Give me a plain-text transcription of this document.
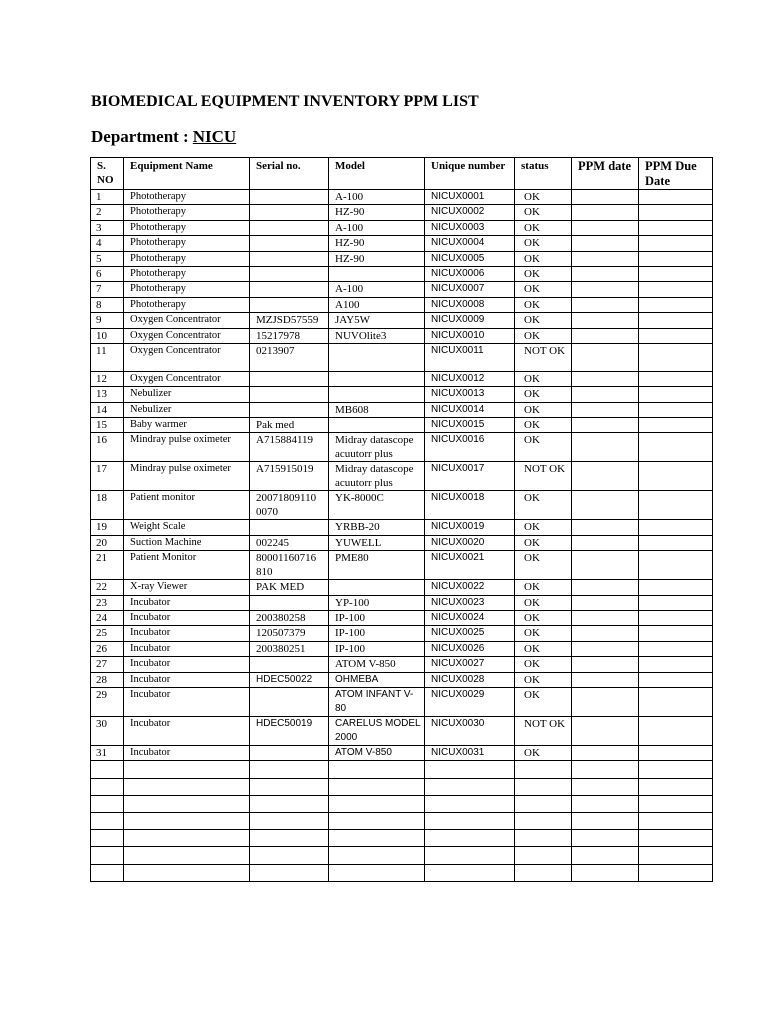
BIOMEDICAL EQUIPMENT INVENTORY PPM LIST
Department : NICU
S. NO	Equipment Name	Serial no.	Model	Unique number	status	PPM date	PPM Due Date
1	Phototherapy		A-100	NICUX0001	OK		
2	Phototherapy		HZ-90	NICUX0002	OK		
3	Phototherapy		A-100	NICUX0003	OK		
4	Phototherapy		HZ-90	NICUX0004	OK		
5	Phototherapy		HZ-90	NICUX0005	OK		
6	Phototherapy			NICUX0006	OK		
7	Phototherapy		A-100	NICUX0007	OK		
8	Phototherapy		A100	NICUX0008	OK		
9	Oxygen Concentrator	MZJSD57559	JAY5W	NICUX0009	OK		
10	Oxygen Concentrator	15217978	NUVOlite3	NICUX0010	OK		
11	Oxygen Concentrator	0213907		NICUX0011	NOT OK		
12	Oxygen Concentrator			NICUX0012	OK		
13	Nebulizer			NICUX0013	OK		
14	Nebulizer		MB608	NICUX0014	OK		
15	Baby warmer	Pak med		NICUX0015	OK		
16	Mindray pulse oximeter	A715884119	Midray datascope acuutorr plus	NICUX0016	OK		
17	Mindray pulse oximeter	A715915019	Midray datascope acuutorr plus	NICUX0017	NOT OK		
18	Patient monitor	20071809110 0070	YK-8000C	NICUX0018	OK		
19	Weight Scale		YRBB-20	NICUX0019	OK		
20	Suction Machine	002245	YUWELL	NICUX0020	OK		
21	Patient Monitor	80001160716 810	PME80	NICUX0021	OK		
22	X-ray Viewer	PAK MED		NICUX0022	OK		
23	Incubator		YP-100	NICUX0023	OK		
24	Incubator	200380258	IP-100	NICUX0024	OK		
25	Incubator	120507379	IP-100	NICUX0025	OK		
26	Incubator	200380251	IP-100	NICUX0026	OK		
27	Incubator		ATOM V-850	NICUX0027	OK		
28	Incubator	HDEC50022	OHMEBA	NICUX0028	OK		
29	Incubator		ATOM INFANT V-80	NICUX0029	OK		
30	Incubator	HDEC50019	CARELUS MODEL 2000	NICUX0030	NOT OK		
31	Incubator		ATOM V-850	NICUX0031	OK		
